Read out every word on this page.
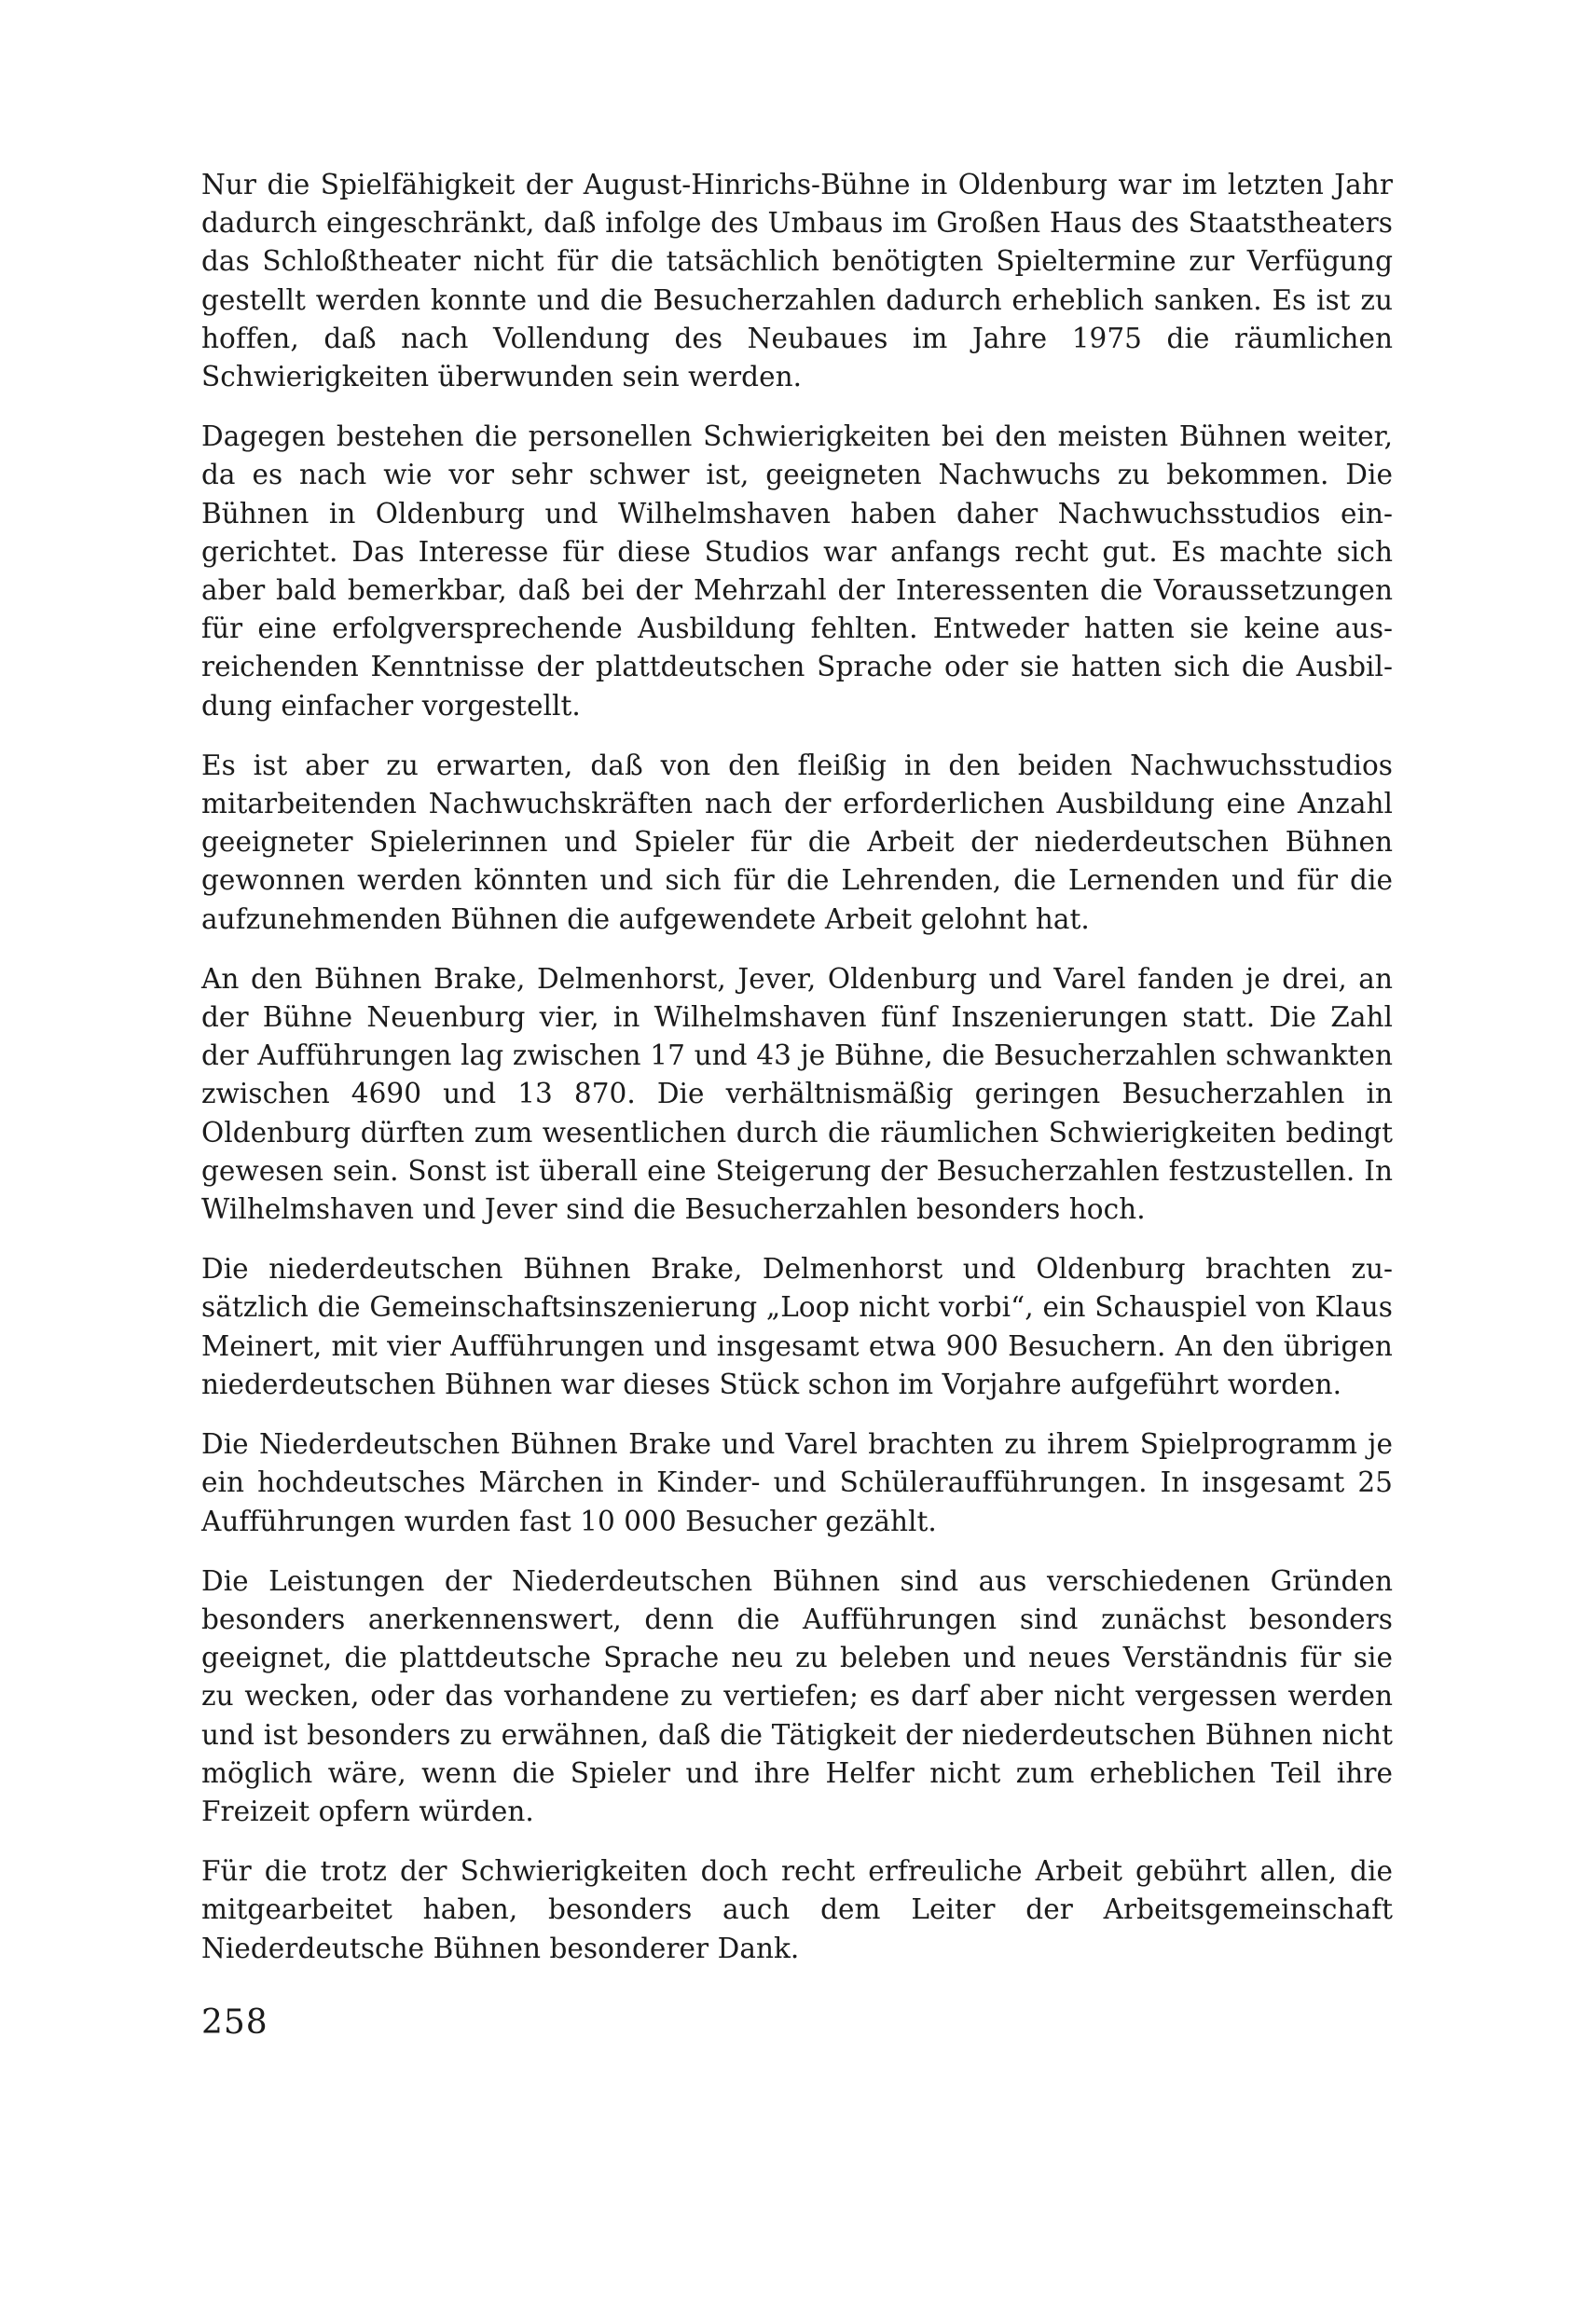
Nur die Spielfähigkeit der August-Hinrichs-Bühne in Oldenburg war im letzten Jahr dadurch eingeschränkt, daß infolge des Umbaus im Großen Haus des Staatstheaters das Schloßtheater nicht für die tatsächlich benötigten Spieltermine zur Verfügung gestellt werden konnte und die Besucherzahlen dadurch erheblich sanken. Es ist zu hoffen, daß nach Vollendung des Neubaues im Jahre 1975 die räumlichen Schwierigkeiten überwunden sein werden.

Dagegen bestehen die personellen Schwierigkeiten bei den meisten Bühnen weiter, da es nach wie vor sehr schwer ist, geeigneten Nachwuchs zu bekommen. Die Bühnen in Oldenburg und Wilhelmshaven haben daher Nachwuchsstudios eingerichtet. Das Interesse für diese Studios war anfangs recht gut. Es machte sich aber bald bemerkbar, daß bei der Mehrzahl der Interessenten die Voraussetzungen für eine erfolgversprechende Ausbildung fehlten. Entweder hatten sie keine ausreichenden Kenntnisse der plattdeutschen Sprache oder sie hatten sich die Ausbildung einfacher vorgestellt.

Es ist aber zu erwarten, daß von den fleißig in den beiden Nachwuchsstudios mitarbeitenden Nachwuchskräften nach der erforderlichen Ausbildung eine Anzahl geeigneter Spielerinnen und Spieler für die Arbeit der niederdeutschen Bühnen gewonnen werden könnten und sich für die Lehrenden, die Lernenden und für die aufzunehmenden Bühnen die aufgewendete Arbeit gelohnt hat.

An den Bühnen Brake, Delmenhorst, Jever, Oldenburg und Varel fanden je drei, an der Bühne Neuenburg vier, in Wilhelmshaven fünf Inszenierungen statt. Die Zahl der Aufführungen lag zwischen 17 und 43 je Bühne, die Besucherzahlen schwankten zwischen 4690 und 13 870. Die verhältnismäßig geringen Besucherzahlen in Oldenburg dürften zum wesentlichen durch die räumlichen Schwierigkeiten bedingt gewesen sein. Sonst ist überall eine Steigerung der Besucherzahlen festzustellen. In Wilhelmshaven und Jever sind die Besucherzahlen besonders hoch.

Die niederdeutschen Bühnen Brake, Delmenhorst und Oldenburg brachten zusätzlich die Gemeinschaftsinszenierung „Loop nicht vorbi“, ein Schauspiel von Klaus Meinert, mit vier Aufführungen und insgesamt etwa 900 Besuchern. An den übrigen niederdeutschen Bühnen war dieses Stück schon im Vorjahre aufgeführt worden.

Die Niederdeutschen Bühnen Brake und Varel brachten zu ihrem Spielprogramm je ein hochdeutsches Märchen in Kinder- und Schüleraufführungen. In insgesamt 25 Aufführungen wurden fast 10 000 Besucher gezählt.

Die Leistungen der Niederdeutschen Bühnen sind aus verschiedenen Gründen besonders anerkennenswert, denn die Aufführungen sind zunächst besonders geeignet, die plattdeutsche Sprache neu zu beleben und neues Verständnis für sie zu wecken, oder das vorhandene zu vertiefen; es darf aber nicht vergessen werden und ist besonders zu erwähnen, daß die Tätigkeit der niederdeutschen Bühnen nicht möglich wäre, wenn die Spieler und ihre Helfer nicht zum erheblichen Teil ihre Freizeit opfern würden.

Für die trotz der Schwierigkeiten doch recht erfreuliche Arbeit gebührt allen, die mitgearbeitet haben, besonders auch dem Leiter der Arbeitsgemeinschaft Niederdeutsche Bühnen besonderer Dank.

258
